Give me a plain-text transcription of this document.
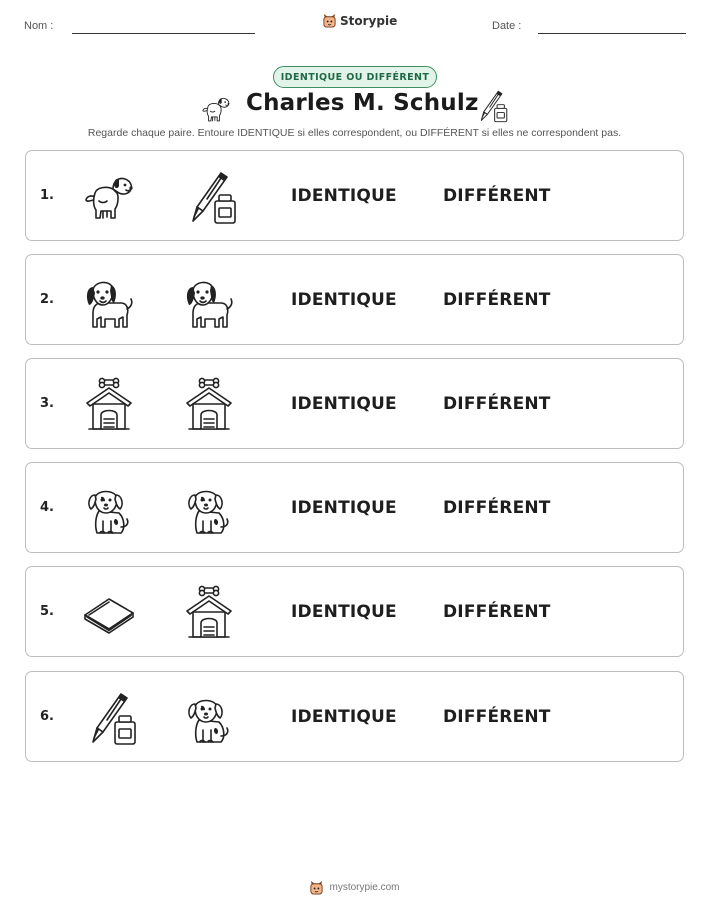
Nom :	Storypie	Date :
IDENTIQUE OU DIFFÉRENT
Charles M. Schulz

Regarde chaque paire. Entoure IDENTIQUE si elles correspondent, ou DIFFÉRENT si elles ne correspondent pas.

1.	IDENTIQUE	DIFFÉRENT
2.	IDENTIQUE	DIFFÉRENT
3.	IDENTIQUE	DIFFÉRENT
4.	IDENTIQUE	DIFFÉRENT
5.	IDENTIQUE	DIFFÉRENT
6.	IDENTIQUE	DIFFÉRENT
mystorypie.com
